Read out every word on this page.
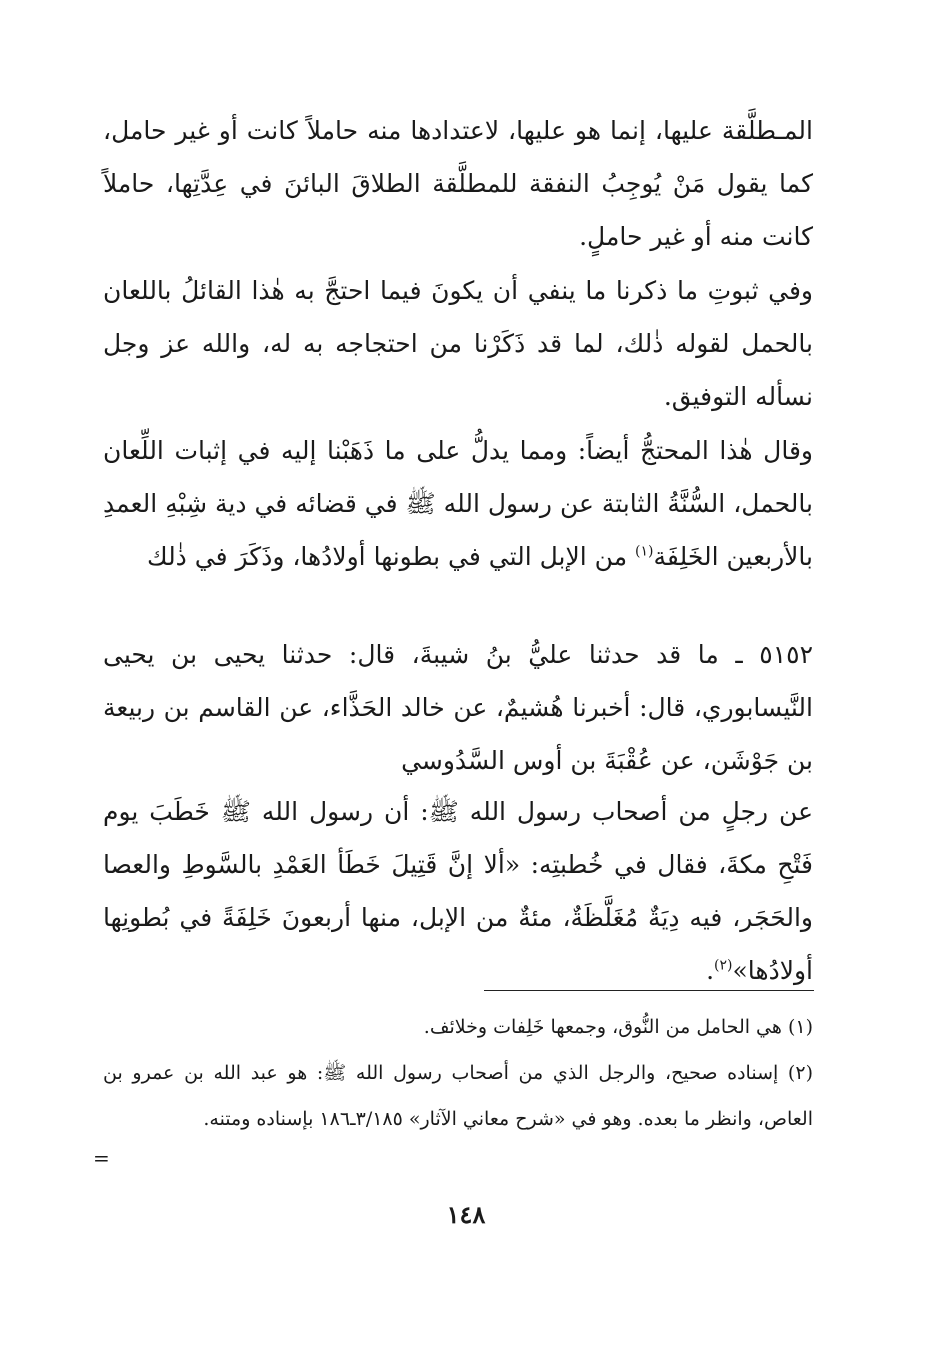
المـطلَّقة عليها، إنما هو عليها، لاعتدادها منه حاملاً كانت أو غير حامل، كما يقول مَنْ يُوجِبُ النفقة للمطلَّقة الطلاقَ البائنَ في عِدَّتِها، حاملاً كانت منه أو غير حاملٍ.
وفي ثبوتِ ما ذكرنا ما ينفي أن يكونَ فيما احتجَّ به هٰذا القائلُ باللعان بالحمل لقوله ذٰلك، لما قد ذَكَرْنا من احتجاجه به له، والله عز وجل نسأله التوفيق.
وقال هٰذا المحتجُّ أيضاً: ومما يدلُّ على ما ذَهَبْنا إليه في إثبات اللِّعان بالحمل، السُّنَّةُ الثابتة عن رسول الله ﷺ في قضائه في دية شِبْهِ العمدِ بالأربعين الخَلِفَة$^{(١)}$ من الإبل التي في بطونها أولادُها، وذَكَرَ في ذٰلك
٥١٥٢ ـ ما قد حدثنا عليُّ بنُ شيبةَ، قال: حدثنا يحيى بن يحيى النَّيسابوري، قال: أخبرنا هُشيمٌ، عن خالد الحَذَّاء، عن القاسم بن ربيعة بن جَوْشَن، عن عُقْبَةَ بن أوس السَّدُوسي
عن رجلٍ من أصحاب رسول الله ﷺ: أن رسول الله ﷺ خَطَبَ يوم فَتْحِ مكةَ، فقال في خُطبتِه: «ألا إنَّ قَتِيلَ خَطَأ العَمْدِ بالسَّوطِ والعصا والحَجَر، فيه دِيَةٌ مُغَلَّظَةٌ، مئةٌ من الإبل، منها أربعونَ خَلِفَةً في بُطونِها أولادُها»$^{(٢)}$.
(١) هي الحامل من النُّوق، وجمعها خَلِفات وخلائف.
(٢) إسناده صحيح، والرجل الذي من أصحاب رسول الله ﷺ: هو عبد الله بن عمرو بن العاص، وانظر ما بعده. وهو في «شرح معاني الآثار» ٣/١٨٥ـ١٨٦ بإسناده ومتنه.
=
١٤٨
